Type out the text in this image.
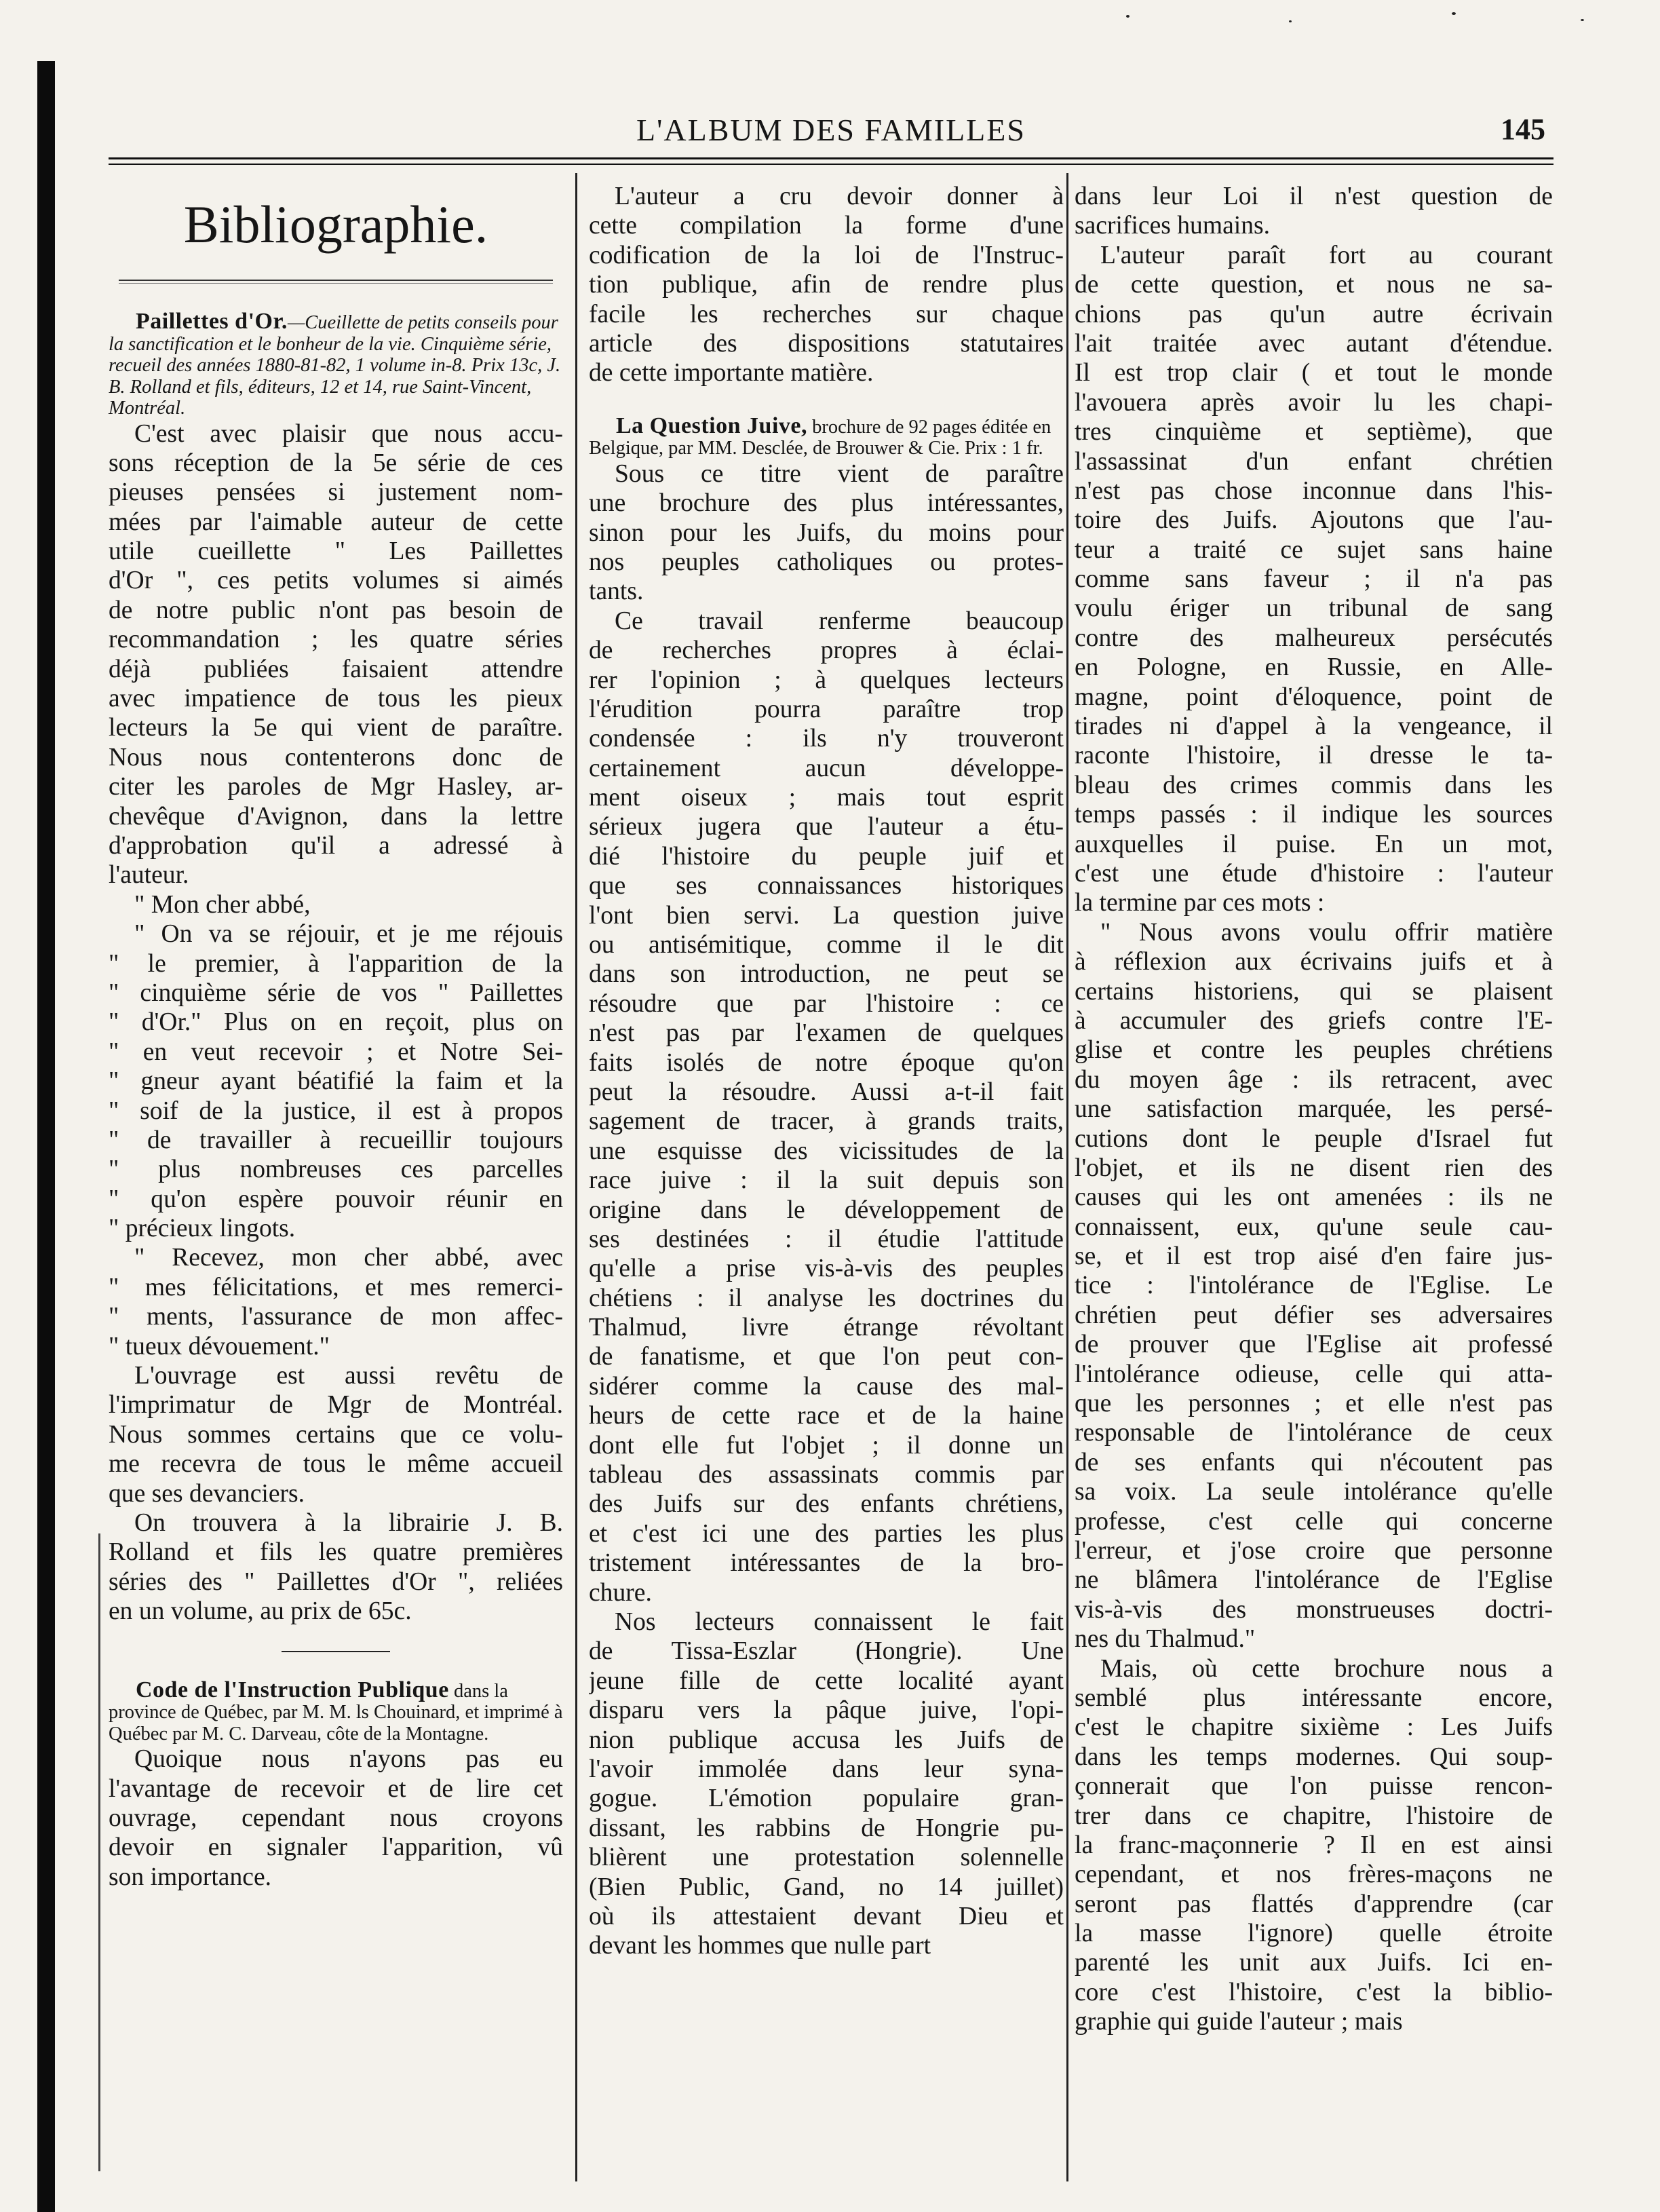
L'ALBUM DES FAMILLES	145
Bibliographie.

Paillettes d'Or.—Cueillette de petits conseils pour la sanctification et le bonheur de la vie. Cinquième série, recueil des années 1880-81-82, 1 volume in-8. Prix 13c, J. B. Rolland et fils, éditeurs, 12 et 14, rue Saint-Vincent, Montréal.

C'est avec plaisir que nous accu-
sons réception de la 5e série de ces
pieuses pensées si justement nom-
mées par l'aimable auteur de cette
utile cueillette " Les Paillettes
d'Or ", ces petits volumes si aimés
de notre public n'ont pas besoin de
recommandation ; les quatre séries
déjà publiées faisaient attendre
avec impatience de tous les pieux
lecteurs la 5e qui vient de paraître.
Nous nous contenterons donc de
citer les paroles de Mgr Hasley, ar-
chevêque d'Avignon, dans la lettre
d'approbation qu'il a adressé à
l'auteur.
" Mon cher abbé,
" On va se réjouir, et je me réjouis
" le premier, à l'apparition de la
" cinquième série de vos " Paillettes
" d'Or." Plus on en reçoit, plus on
" en veut recevoir ; et Notre Sei-
" gneur ayant béatifié la faim et la
" soif de la justice, il est à propos
" de travailler à recueillir toujours
" plus nombreuses ces parcelles
" qu'on espère pouvoir réunir en
" précieux lingots.
" Recevez, mon cher abbé, avec
" mes félicitations, et mes remerci-
" ments, l'assurance de mon affec-
" tueux dévouement."
L'ouvrage est aussi revêtu de
l'imprimatur de Mgr de Montréal.
Nous sommes certains que ce volu-
me recevra de tous le même accueil
que ses devanciers.
On trouvera à la librairie J. B.
Rolland et fils les quatre premières
séries des " Paillettes d'Or ", reliées
en un volume, au prix de 65c.

Code de l'Instruction Publique dans la province de Québec, par M. M. ls Chouinard, et imprimé à Québec par M. C. Darveau, côte de la Montagne.

Quoique nous n'ayons pas eu
l'avantage de recevoir et de lire cet
ouvrage, cependant nous croyons
devoir en signaler l'apparition, vû
son importance.
L'auteur a cru devoir donner à
cette compilation la forme d'une
codification de la loi de l'Instruc-
tion publique, afin de rendre plus
facile les recherches sur chaque
article des dispositions statutaires
de cette importante matière.

La Question Juive, brochure de 92 pages éditée en Belgique, par MM. Desclée, de Brouwer & Cie. Prix : 1 fr.

Sous ce titre vient de paraître
une brochure des plus intéressantes,
sinon pour les Juifs, du moins pour
nos peuples catholiques ou protes-
tants.
Ce travail renferme beaucoup
de recherches propres à éclai-
rer l'opinion ; à quelques lecteurs
l'érudition pourra paraître trop
condensée : ils n'y trouveront
certainement aucun développe-
ment oiseux ; mais tout esprit
sérieux jugera que l'auteur a étu-
dié l'histoire du peuple juif et
que ses connaissances historiques
l'ont bien servi. La question juive
ou antisémitique, comme il le dit
dans son introduction, ne peut se
résoudre que par l'histoire : ce
n'est pas par l'examen de quelques
faits isolés de notre époque qu'on
peut la résoudre. Aussi a-t-il fait
sagement de tracer, à grands traits,
une esquisse des vicissitudes de la
race juive : il la suit depuis son
origine dans le développement de
ses destinées : il étudie l'attitude
qu'elle a prise vis-à-vis des peuples
chétiens : il analyse les doctrines du
Thalmud, livre étrange révoltant
de fanatisme, et que l'on peut con-
sidérer comme la cause des mal-
heurs de cette race et de la haine
dont elle fut l'objet ; il donne un
tableau des assassinats commis par
des Juifs sur des enfants chrétiens,
et c'est ici une des parties les plus
tristement intéressantes de la bro-
chure.
Nos lecteurs connaissent le fait
de Tissa-Eszlar (Hongrie). Une
jeune fille de cette localité ayant
disparu vers la pâque juive, l'opi-
nion publique accusa les Juifs de
l'avoir immolée dans leur syna-
gogue. L'émotion populaire gran-
dissant, les rabbins de Hongrie pu-
blièrent une protestation solennelle
(Bien Public, Gand, no 14 juillet)
où ils attestaient devant Dieu et
devant les hommes que nulle part
dans leur Loi il n'est question de
sacrifices humains.
L'auteur paraît fort au courant
de cette question, et nous ne sa-
chions pas qu'un autre écrivain
l'ait traitée avec autant d'étendue.
Il est trop clair ( et tout le monde
l'avouera après avoir lu les chapi-
tres cinquième et septième), que
l'assassinat d'un enfant chrétien
n'est pas chose inconnue dans l'his-
toire des Juifs. Ajoutons que l'au-
teur a traité ce sujet sans haine
comme sans faveur ; il n'a pas
voulu ériger un tribunal de sang
contre des malheureux persécutés
en Pologne, en Russie, en Alle-
magne, point d'éloquence, point de
tirades ni d'appel à la vengeance, il
raconte l'histoire, il dresse le ta-
bleau des crimes commis dans les
temps passés : il indique les sources
auxquelles il puise. En un mot,
c'est une étude d'histoire : l'auteur
la termine par ces mots :
" Nous avons voulu offrir matière
à réflexion aux écrivains juifs et à
certains historiens, qui se plaisent
à accumuler des griefs contre l'E-
glise et contre les peuples chrétiens
du moyen âge : ils retracent, avec
une satisfaction marquée, les persé-
cutions dont le peuple d'Israel fut
l'objet, et ils ne disent rien des
causes qui les ont amenées : ils ne
connaissent, eux, qu'une seule cau-
se, et il est trop aisé d'en faire jus-
tice : l'intolérance de l'Eglise. Le
chrétien peut défier ses adversaires
de prouver que l'Eglise ait professé
l'intolérance odieuse, celle qui atta-
que les personnes ; et elle n'est pas
responsable de l'intolérance de ceux
de ses enfants qui n'écoutent pas
sa voix. La seule intolérance qu'elle
professe, c'est celle qui concerne
l'erreur, et j'ose croire que personne
ne blâmera l'intolérance de l'Eglise
vis-à-vis des monstrueuses doctri-
nes du Thalmud."
Mais, où cette brochure nous a
semblé plus intéressante encore,
c'est le chapitre sixième : Les Juifs
dans les temps modernes. Qui soup-
çonnerait que l'on puisse rencon-
trer dans ce chapitre, l'histoire de
la franc-maçonnerie ? Il en est ainsi
cependant, et nos frères-maçons ne
seront pas flattés d'apprendre (car
la masse l'ignore) quelle étroite
parenté les unit aux Juifs. Ici en-
core c'est l'histoire, c'est la biblio-
graphie qui guide l'auteur ; mais
